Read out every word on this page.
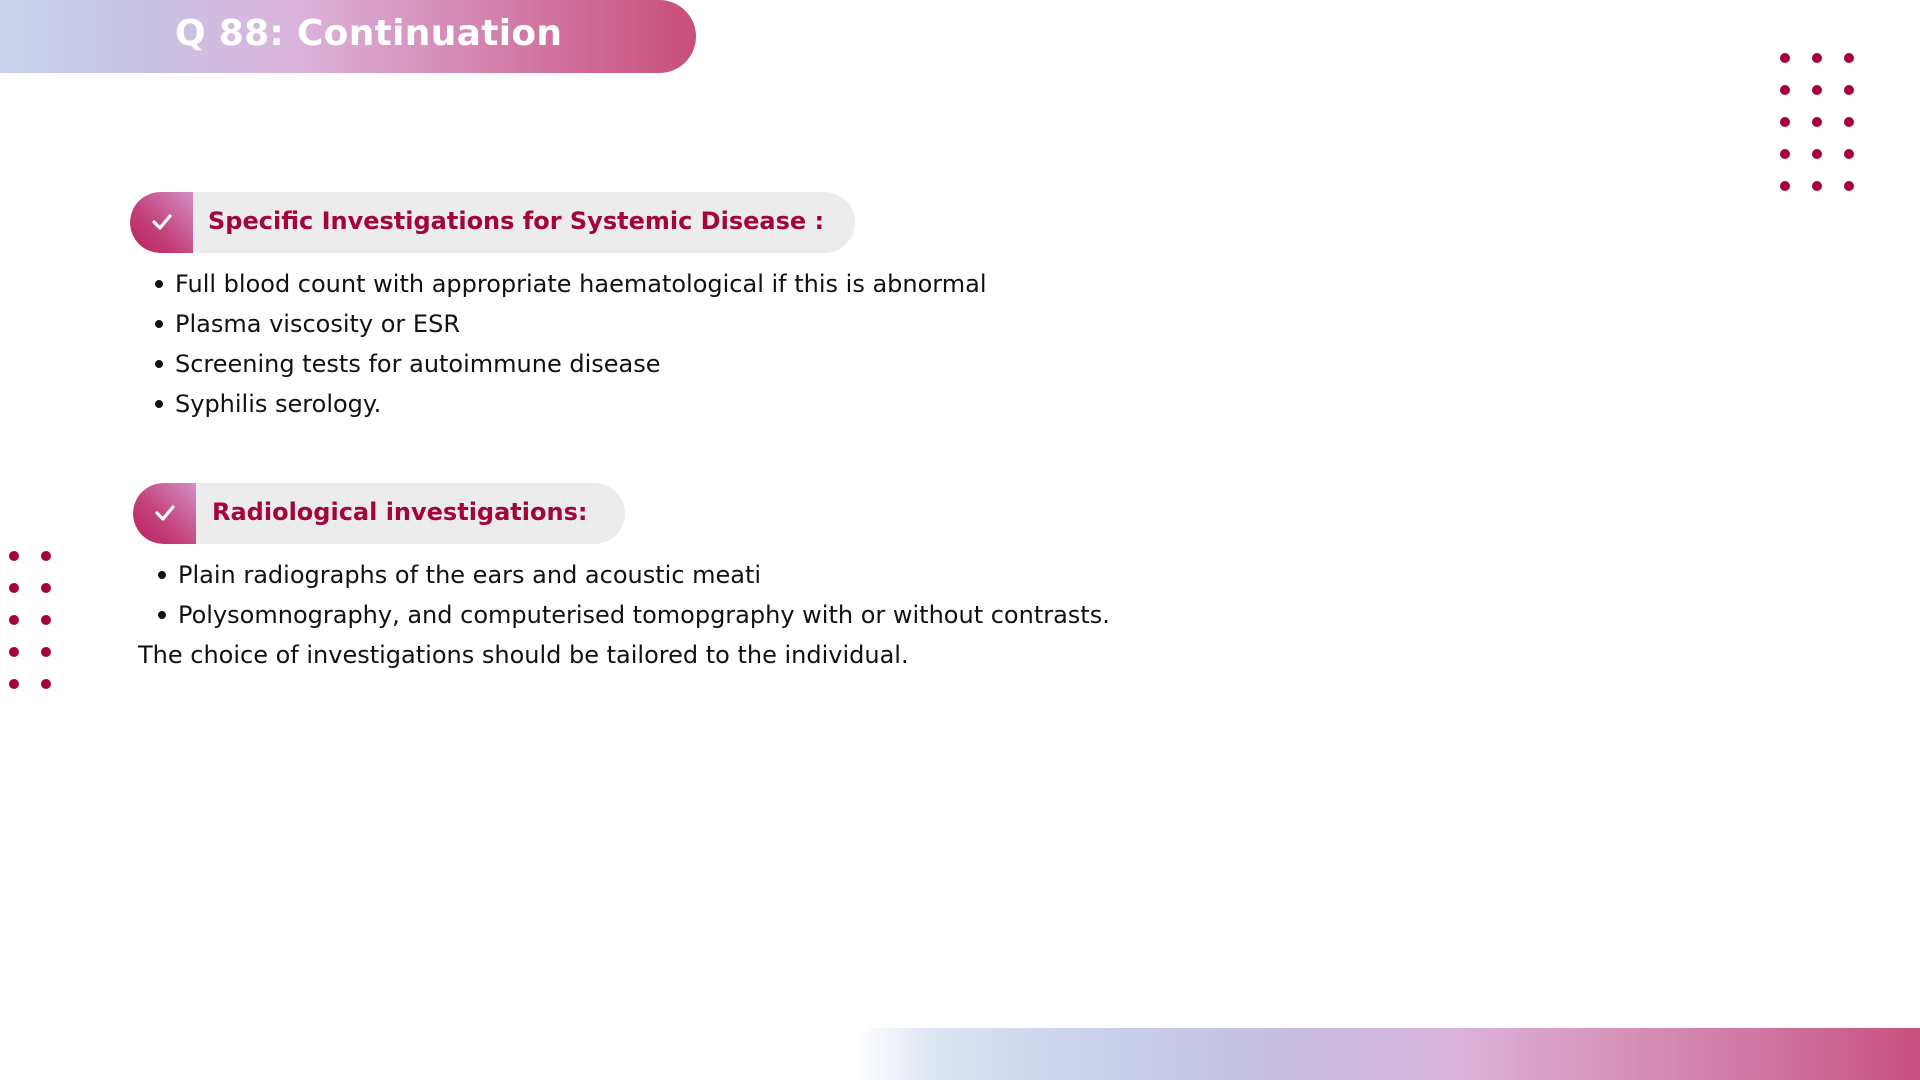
Q 88: Continuation
Specific Investigations for Systemic Disease :
Full blood count with appropriate haematological if this is abnormal
Plasma viscosity or ESR
Screening tests for autoimmune disease
Syphilis serology.
Radiological investigations:
Plain radiographs of the ears and acoustic meati
Polysomnography, and computerised tomopgraphy with or without contrasts.
The choice of investigations should be tailored to the individual.
